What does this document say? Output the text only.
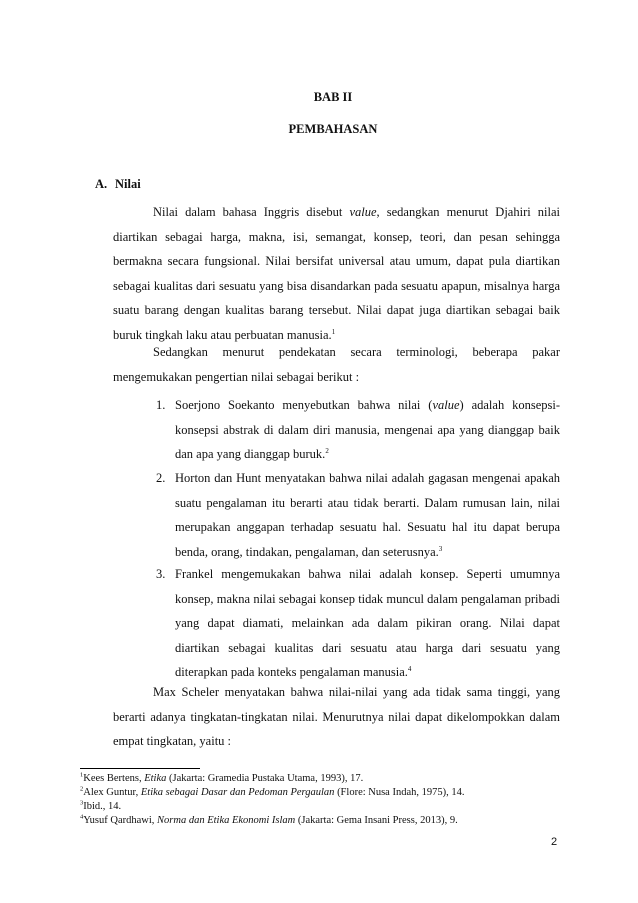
BAB II
PEMBAHASAN
A. Nilai

Nilai dalam bahasa Inggris disebut value, sedangkan menurut Djahiri nilai diartikan sebagai harga, makna, isi, semangat, konsep, teori, dan pesan sehingga bermakna secara fungsional. Nilai bersifat universal atau umum, dapat pula diartikan sebagai kualitas dari sesuatu yang bisa disandarkan pada sesuatu apapun, misalnya harga suatu barang dengan kualitas barang tersebut. Nilai dapat juga diartikan sebagai baik buruk tingkah laku atau perbuatan manusia.$^1$

Sedangkan menurut pendekatan secara terminologi, beberapa pakar mengemukakan pengertian nilai sebagai berikut :

1. Soerjono Soekanto menyebutkan bahwa nilai (value) adalah konsepsi-konsepsi abstrak di dalam diri manusia, mengenai apa yang dianggap baik dan apa yang dianggap buruk.$^2$
2. Horton dan Hunt menyatakan bahwa nilai adalah gagasan mengenai apakah suatu pengalaman itu berarti atau tidak berarti. Dalam rumusan lain, nilai merupakan anggapan terhadap sesuatu hal. Sesuatu hal itu dapat berupa benda, orang, tindakan, pengalaman, dan seterusnya.$^3$
3. Frankel mengemukakan bahwa nilai adalah konsep. Seperti umumnya konsep, makna nilai sebagai konsep tidak muncul dalam pengalaman pribadi yang dapat diamati, melainkan ada dalam pikiran orang. Nilai dapat diartikan sebagai kualitas dari sesuatu atau harga dari sesuatu yang diterapkan pada konteks pengalaman manusia.$^4$

Max Scheler menyatakan bahwa nilai-nilai yang ada tidak sama tinggi, yang berarti adanya tingkatan-tingkatan nilai. Menurutnya nilai dapat dikelompokkan dalam empat tingkatan, yaitu :

$^1$Kees Bertens, Etika (Jakarta: Gramedia Pustaka Utama, 1993), 17.
$^2$Alex Guntur, Etika sebagai Dasar dan Pedoman Pergaulan (Flore: Nusa Indah, 1975), 14.
$^3$Ibid., 14.
$^4$Yusuf Qardhawi, Norma dan Etika Ekonomi Islam (Jakarta: Gema Insani Press, 2013), 9.
2
